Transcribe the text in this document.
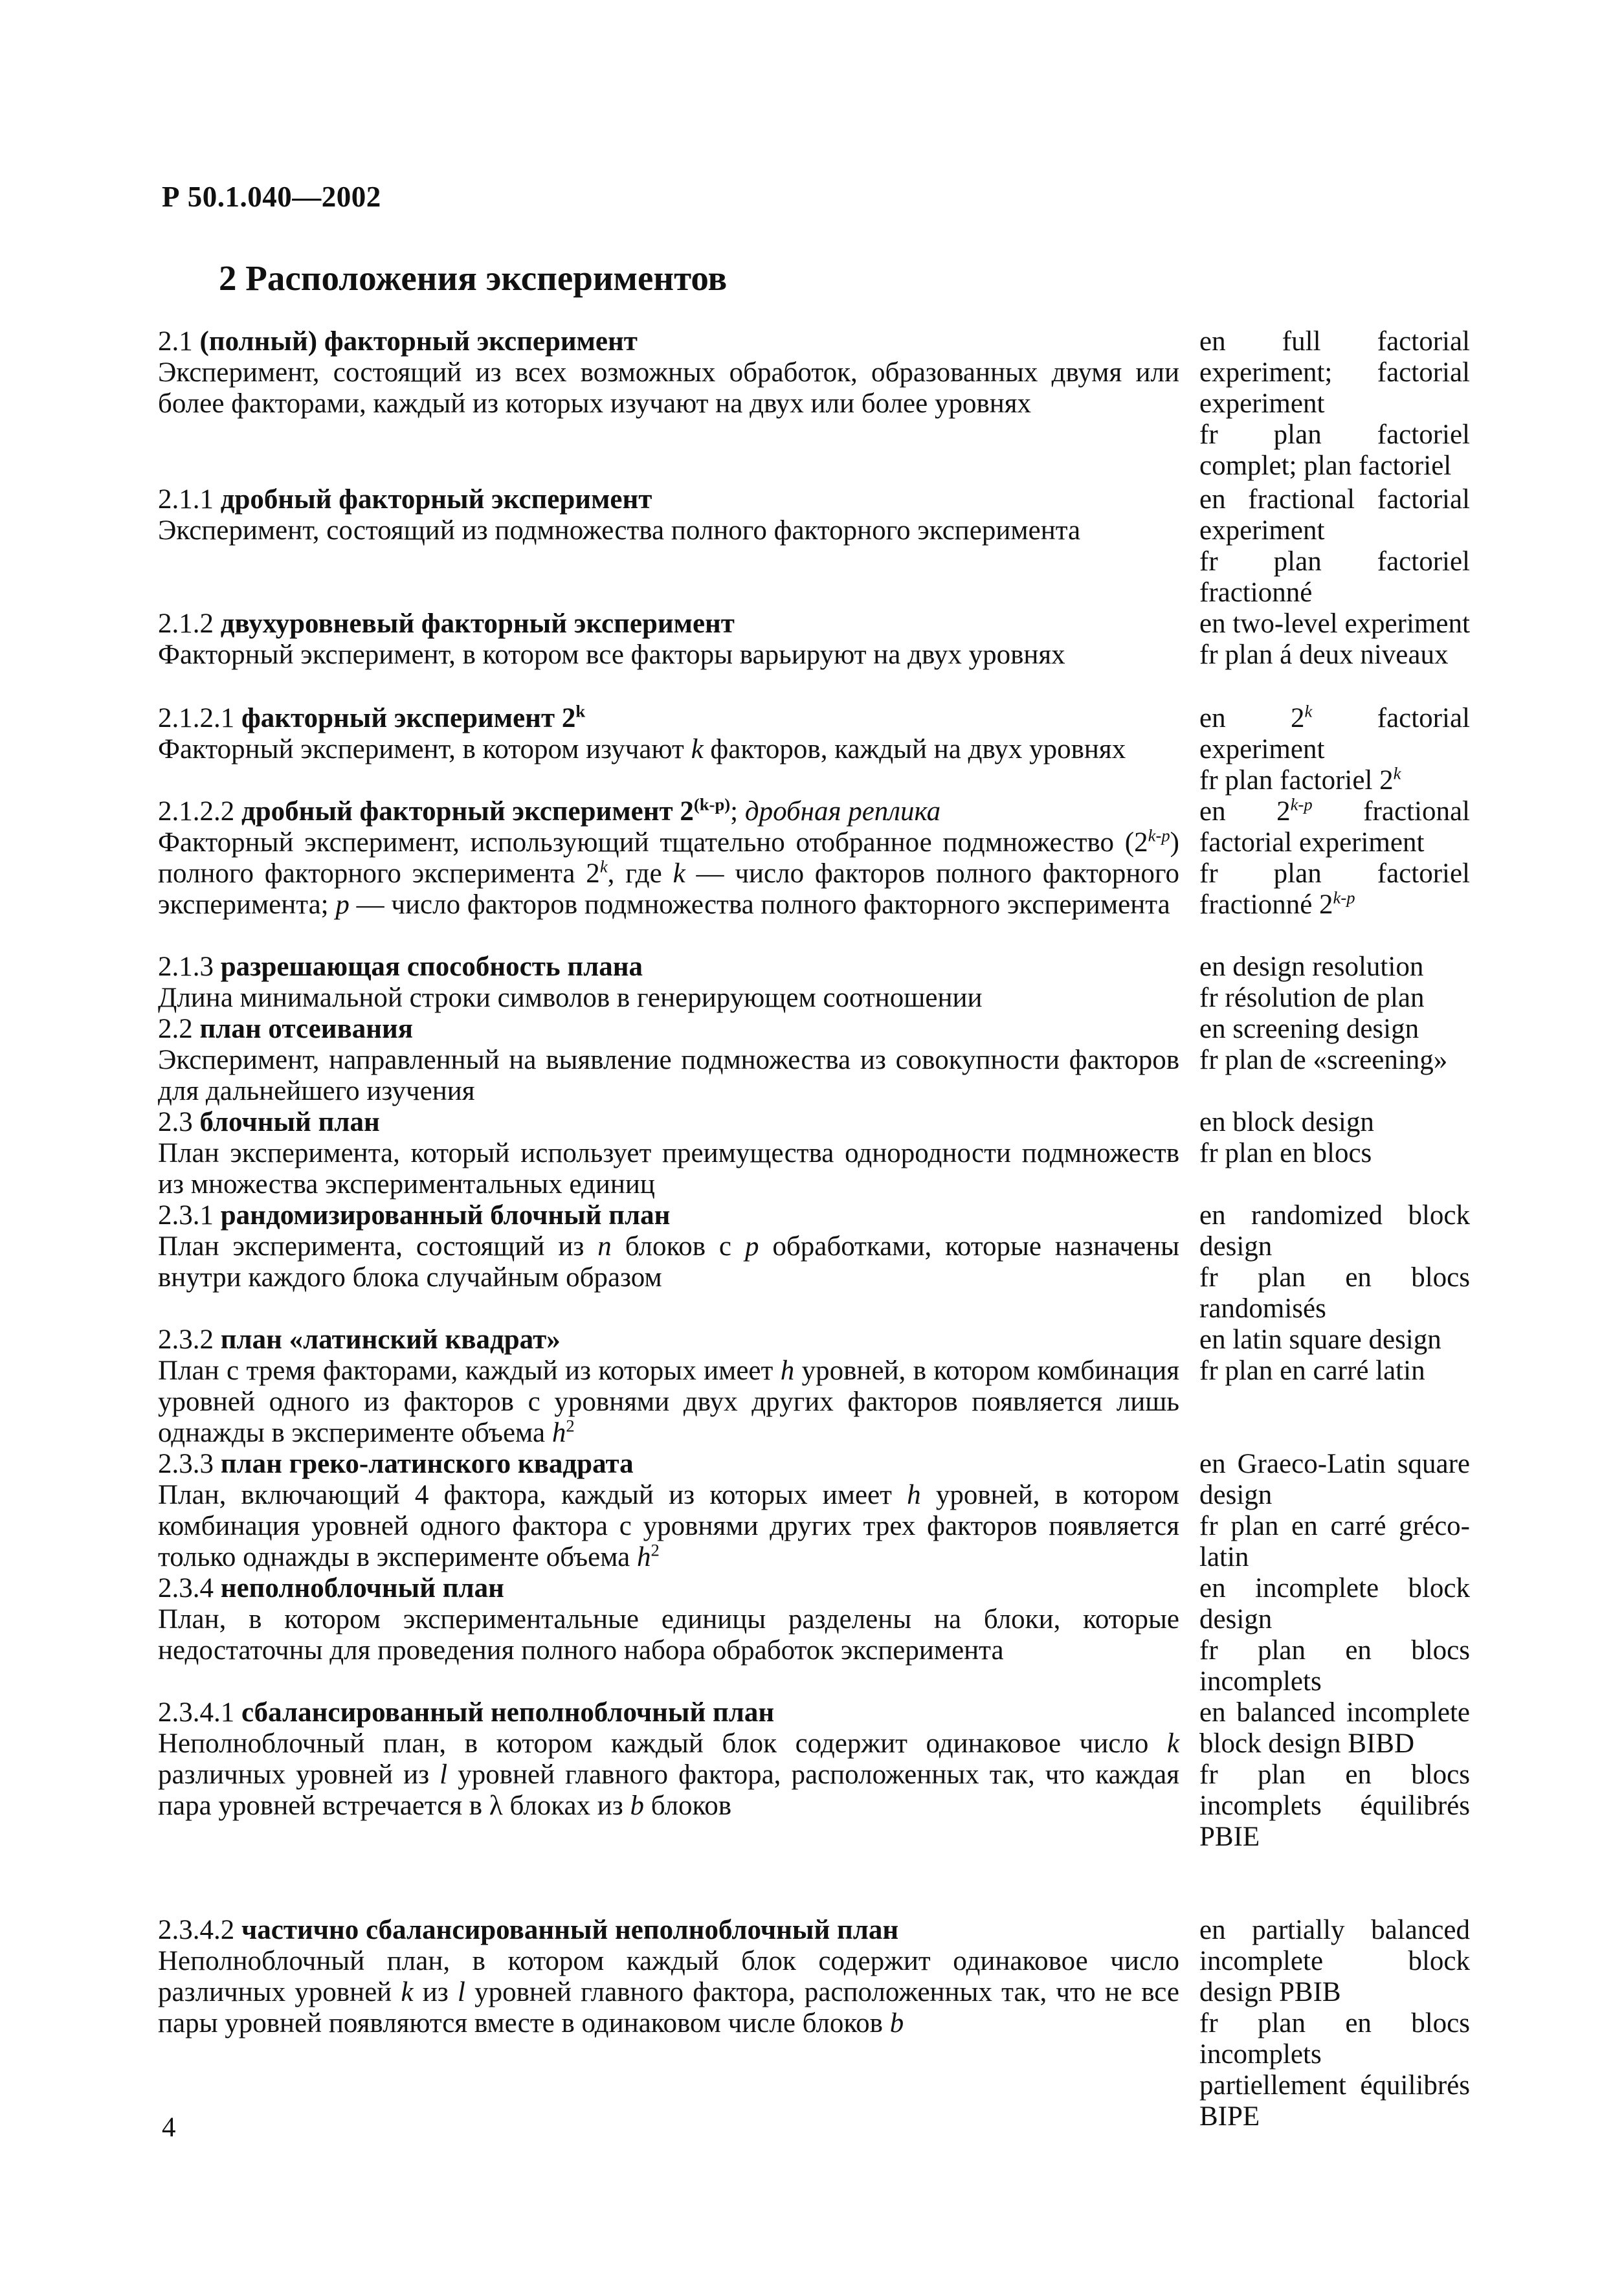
Р 50.1.040—2002
2 Расположения экспериментов
2.1 (полный) факторный эксперимент
Эксперимент, состоящий из всех возможных обработок, образованных двумя или более факторами, каждый из которых изучают на двух или более уровнях
en full factorial experiment; factorial experiment
fr plan factoriel complet; plan factoriel
2.1.1 дробный факторный эксперимент
Эксперимент, состоящий из подмножества полного факторного эксперимента
en fractional factorial experiment
fr plan factoriel fractionné
2.1.2 двухуровневый факторный эксперимент
Факторный эксперимент, в котором все факторы варьируют на двух уровнях
en two-level experiment
fr plan á deux niveaux
2.1.2.1 факторный эксперимент 2$^k$
Факторный эксперимент, в котором изучают k факторов, каждый на двух уровнях
en 2$^k$ factorial experiment
fr plan factoriel 2$^k$
2.1.2.2 дробный факторный эксперимент 2$^{(k-p)}$; дробная реплика
Факторный эксперимент, использующий тщательно отобранное подмножество (2$^{k-p}$) полного факторного эксперимента 2$^k$, где k — число факторов полного факторного эксперимента; p — число факторов подмножества полного факторного эксперимента
en 2$^{k-p}$ fractional factorial experiment
fr plan factoriel fractionné 2$^{k-p}$
2.1.3 разрешающая способность плана
Длина минимальной строки символов в генерирующем соотношении
en design resolution
fr résolution de plan
2.2 план отсеивания
Эксперимент, направленный на выявление подмножества из совокупности факторов для дальнейшего изучения
en screening design
fr plan de «screening»
2.3 блочный план
План эксперимента, который использует преимущества однородности подмножеств из множества экспериментальных единиц
en block design
fr plan en blocs
2.3.1 рандомизированный блочный план
План эксперимента, состоящий из n блоков с p обработками, которые назначены внутри каждого блока случайным образом
en randomized block design
fr plan en blocs randomisés
2.3.2 план «латинский квадрат»
План с тремя факторами, каждый из которых имеет h уровней, в котором комбинация уровней одного из факторов с уровнями двух других факторов появляется лишь однажды в эксперименте объема $h^2$
en latin square design
fr plan en carré latin
2.3.3 план греко-латинского квадрата
План, включающий 4 фактора, каждый из которых имеет h уровней, в котором комбинация уровней одного фактора с уровнями других трех факторов появляется только однажды в эксперименте объема $h^2$
en Graeco-Latin square design
fr plan en carré gréco-latin
2.3.4 неполноблочный план
План, в котором экспериментальные единицы разделены на блоки, которые недостаточны для проведения полного набора обработок эксперимента
en incomplete block design
fr plan en blocs incomplets
2.3.4.1 сбалансированный неполноблочный план
Неполноблочный план, в котором каждый блок содержит одинаковое число k различных уровней из l уровней главного фактора, расположенных так, что каждая пара уровней встречается в λ блоках из b блоков
en balanced incomplete block design BIBD
fr plan en blocs incomplets équilibrés PBIE
2.3.4.2 частично сбалансированный неполноблочный план
Неполноблочный план, в котором каждый блок содержит одинаковое число различных уровней k из l уровней главного фактора, расположенных так, что не все пары уровней появляются вместе в одинаковом числе блоков b
en partially balanced incomplete block design PBIB
fr plan en blocs incomplets partiellement équilibrés BIPE
4
